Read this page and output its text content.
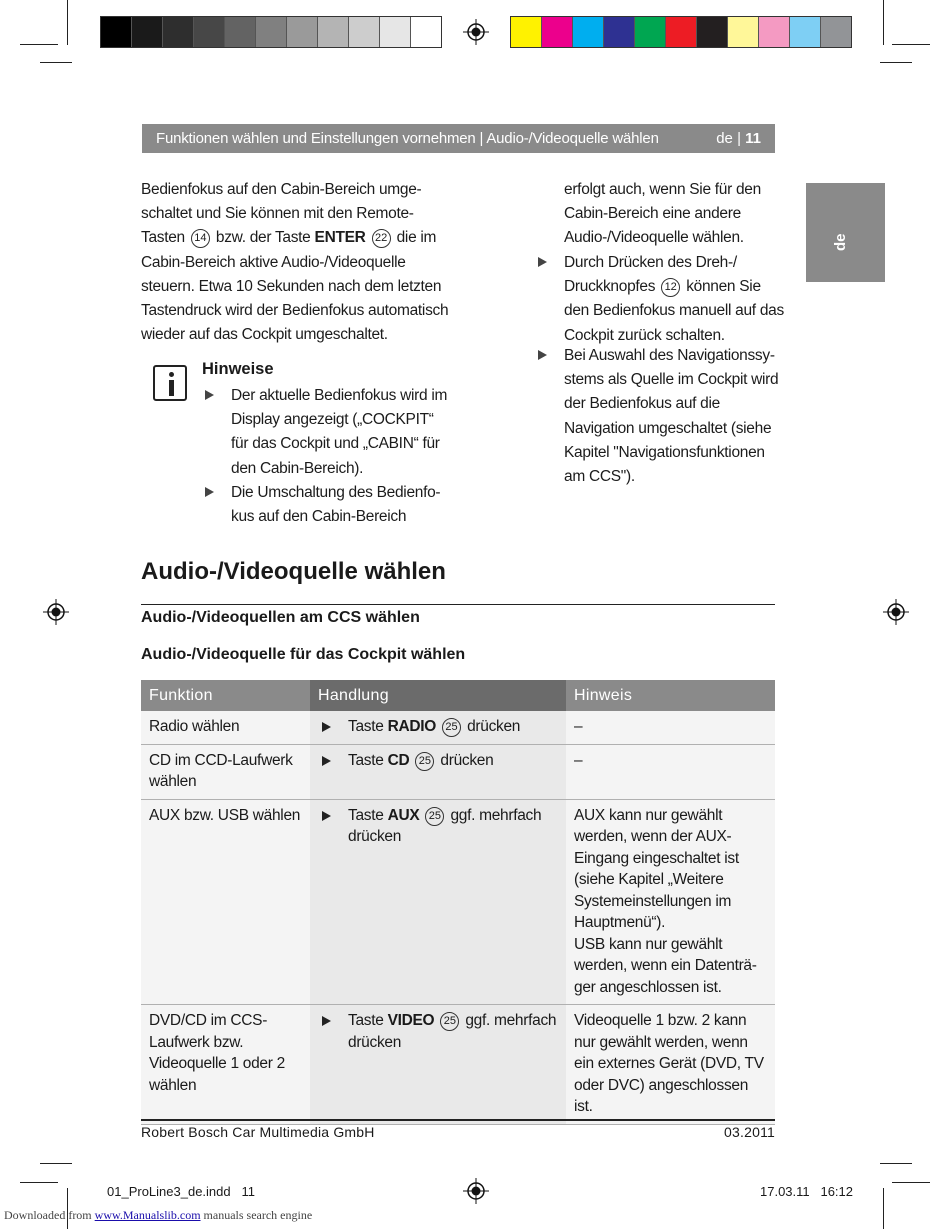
Funktionen wählen und Einstellungen vornehmen | Audio-/Videoquelle wählen	de | 11
de
Bedienfokus auf den Cabin-Bereich umge-
schaltet und Sie können mit den Remote-
Tasten 14 bzw. der Taste ENTER 22 die im
Cabin-Bereich aktive Audio-/Videoquelle
steuern. Etwa 10 Sekunden nach dem letzten
Tastendruck wird der Bedienfokus automatisch
wieder auf das Cockpit umgeschaltet.
Hinweise
Der aktuelle Bedienfokus wird im
Display angezeigt („COCKPIT“
für das Cockpit und „CABIN“ für
den Cabin-Bereich).
Die Umschaltung des Bedienfo-
kus auf den Cabin-Bereich
erfolgt auch, wenn Sie für den
Cabin-Bereich eine andere
Audio-/Videoquelle wählen.
Durch Drücken des Dreh-/
Druckknopfes 12 können Sie
den Bedienfokus manuell auf das
Cockpit zurück schalten.
Bei Auswahl des Navigationssy-
stems als Quelle im Cockpit wird
der Bedienfokus auf die
Navigation umgeschaltet (siehe
Kapitel "Navigationsfunktionen
am CCS").
Audio-/Videoquelle wählen
Audio-/Videoquellen am CCS wählen
Audio-/Videoquelle für das Cockpit wählen
Funktion	Handlung	Hinweis
Radio wählen	Taste RADIO 25 drücken	–
CD im CCD-Laufwerk wählen	Taste CD 25 drücken	–
AUX bzw. USB wählen	Taste AUX 25 ggf. mehrfach drücken	AUX kann nur gewählt werden, wenn der AUX-Eingang eingeschaltet ist (siehe Kapitel „Weitere Systemeinstellungen im Hauptmenü“).
USB kann nur gewählt werden, wenn ein Datenträ-ger angeschlossen ist.

DVD/CD im CCS-Laufwerk bzw. Videoquelle 1 oder 2 wählen	Taste VIDEO 25 ggf. mehrfach drücken	Videoquelle 1 bzw. 2 kann nur gewählt werden, wenn ein externes Gerät (DVD, TV oder DVC) angeschlossen ist.
Robert Bosch Car Multimedia GmbH	03.2011
01_ProLine3_de.indd   11	17.03.11   16:12
Downloaded from www.Manualslib.com manuals search engine
